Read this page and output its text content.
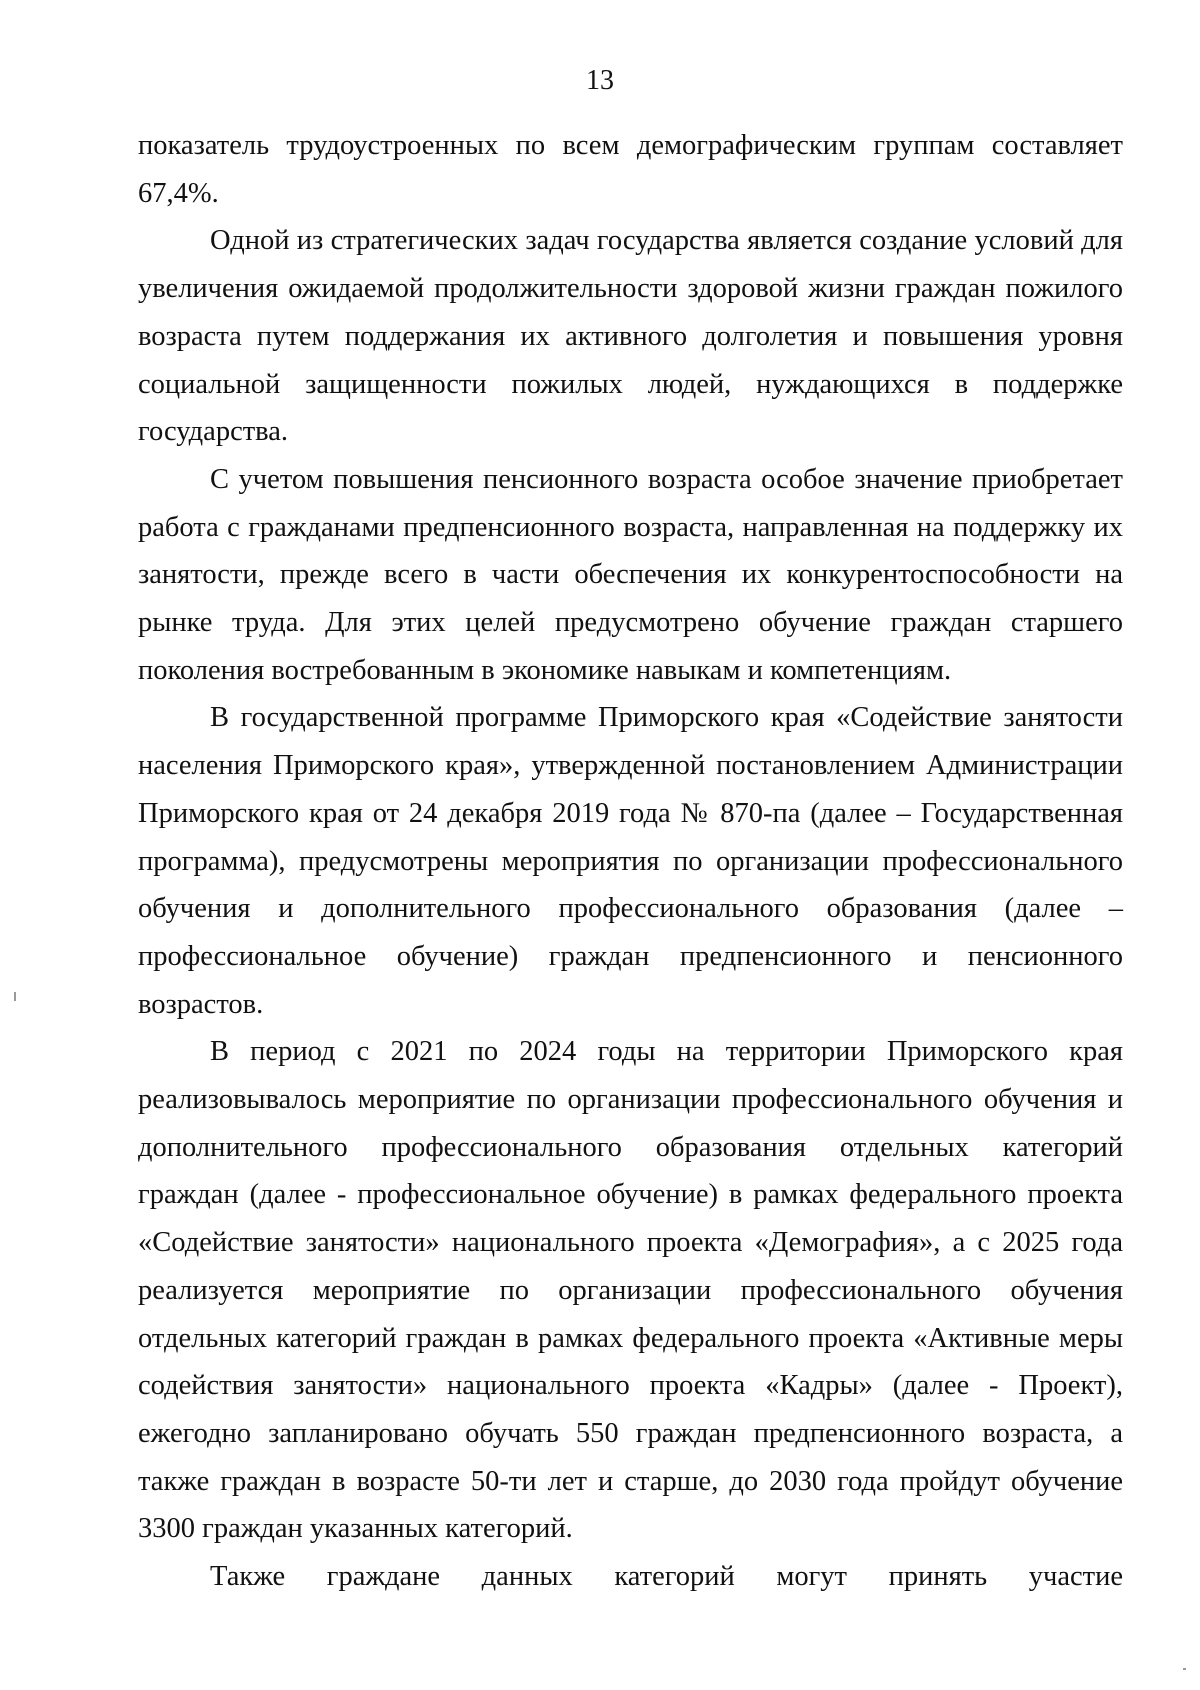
13

показатель трудоустроенных по всем демографическим группам составляет 67,4%.

Одной из стратегических задач государства является создание условий для увеличения ожидаемой продолжительности здоровой жизни граждан пожилого возраста путем поддержания их активного долголетия и повышения уровня социальной защищенности пожилых людей, нуждающихся в поддержке государства.

С учетом повышения пенсионного возраста особое значение приобретает работа с гражданами предпенсионного возраста, направленная на поддержку их занятости, прежде всего в части обеспечения их конкурентоспособности на рынке труда. Для этих целей предусмотрено обучение граждан старшего поколения востребованным в экономике навыкам и компетенциям.

В государственной программе Приморского края «Содействие занятости населения Приморского края», утвержденной постановлением Администрации Приморского края от 24 декабря 2019 года № 870-па (далее – Государственная программа), предусмотрены мероприятия по организации профессионального обучения и дополнительного профессионального образования (далее – профессиональное обучение) граждан предпенсионного и пенсионного возрастов.

В период с 2021 по 2024 годы на территории Приморского края реализовывалось мероприятие по организации профессионального обучения и дополнительного профессионального образования отдельных категорий граждан (далее - профессиональное обучение) в рамках федерального проекта «Содействие занятости» национального проекта «Демография», а с 2025 года реализуется мероприятие по организации профессионального обучения отдельных категорий граждан в рамках федерального проекта «Активные меры содействия занятости» национального проекта «Кадры» (далее - Проект), ежегодно запланировано обучать 550 граждан предпенсионного возраста, а также граждан в возрасте 50-ти лет и старше, до 2030 года пройдут обучение 3300 граждан указанных категорий.

Также граждане данных категорий могут принять участие
